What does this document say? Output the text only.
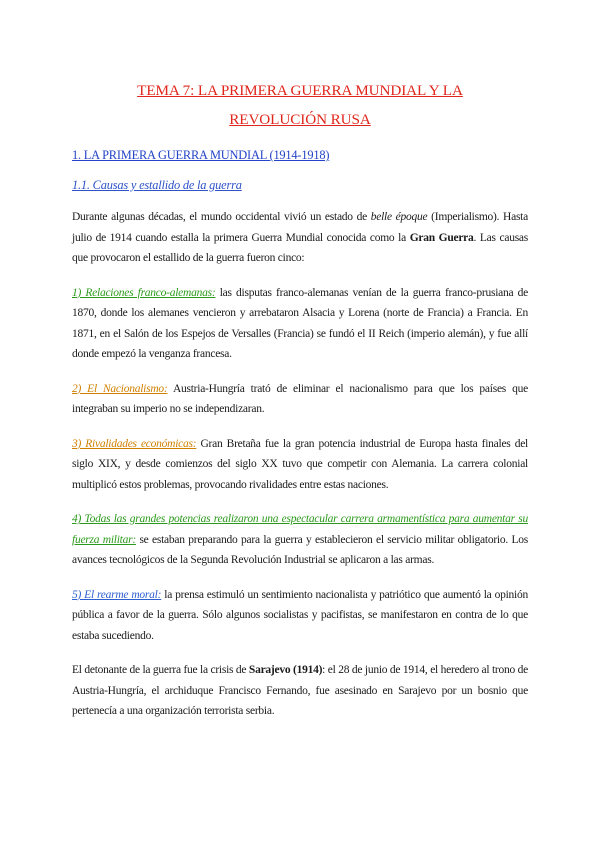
TEMA 7: LA PRIMERA GUERRA MUNDIAL Y LA
REVOLUCIÓN RUSA
1. LA PRIMERA GUERRA MUNDIAL (1914-1918)
1.1. Causas y estallido de la guerra

Durante algunas décadas, el mundo occidental vivió un estado de belle époque (Imperialismo). Hasta julio de 1914 cuando estalla la primera Guerra Mundial conocida como la Gran Guerra. Las causas que provocaron el estallido de la guerra fueron cinco:

1) Relaciones franco-alemanas: las disputas franco-alemanas venían de la guerra franco-prusiana de 1870, donde los alemanes vencieron y arrebataron Alsacia y Lorena (norte de Francia) a Francia. En 1871, en el Salón de los Espejos de Versalles (Francia) se fundó el II Reich (imperio alemán), y fue allí donde empezó la venganza francesa.

2) El Nacionalismo: Austria-Hungría trató de eliminar el nacionalismo para que los países que integraban su imperio no se independizaran.

3) Rivalidades económicas: Gran Bretaña fue la gran potencia industrial de Europa hasta finales del siglo XIX, y desde comienzos del siglo XX tuvo que competir con Alemania. La carrera colonial multiplicó estos problemas, provocando rivalidades entre estas naciones.

4) Todas las grandes potencias realizaron una espectacular carrera armamentística para aumentar su fuerza militar: se estaban preparando para la guerra y establecieron el servicio militar obligatorio. Los avances tecnológicos de la Segunda Revolución Industrial se aplicaron a las armas.

5) El rearme moral: la prensa estimuló un sentimiento nacionalista y patriótico que aumentó la opinión pública a favor de la guerra. Sólo algunos socialistas y pacifistas, se manifestaron en contra de lo que estaba sucediendo.

El detonante de la guerra fue la crisis de Sarajevo (1914): el 28 de junio de 1914, el heredero al trono de Austria-Hungría, el archiduque Francisco Fernando, fue asesinado en Sarajevo por un bosnio que pertenecía a una organización terrorista serbia.
